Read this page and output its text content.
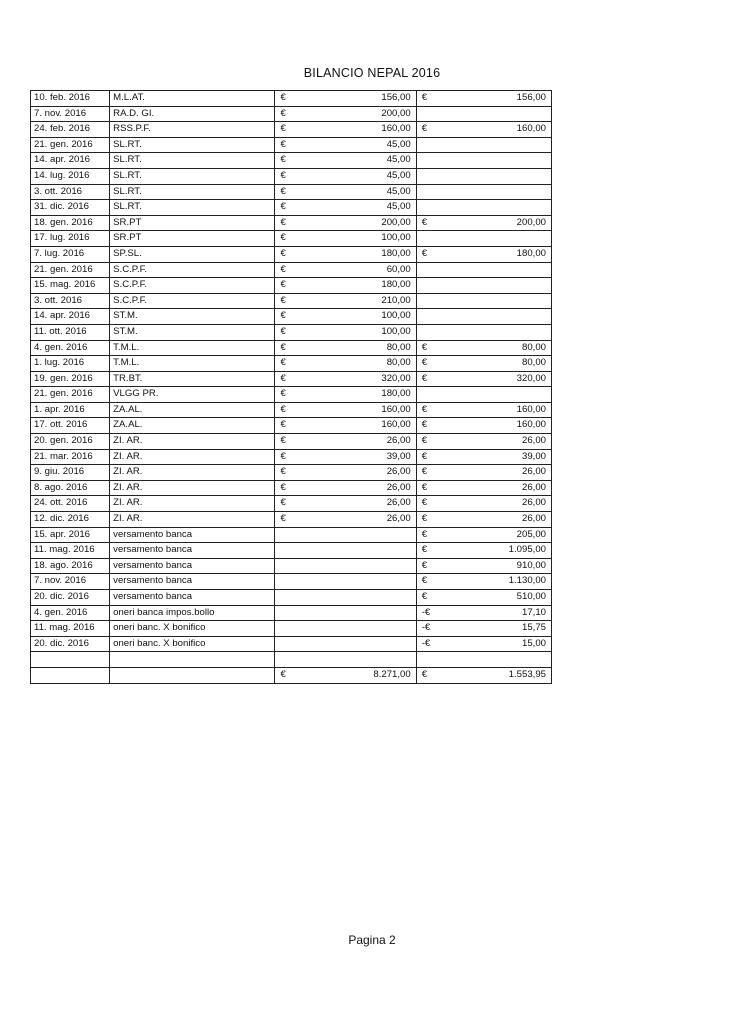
BILANCIO NEPAL 2016
10. feb. 2016	M.L.AT.	€ 156,00	€ 156,00

7. nov. 2016	RA.D. GI.	€ 200,00	

24. feb. 2016	RSS.P.F.	€ 160,00	€ 160,00

21. gen. 2016	SL.RT.	€ 45,00	

14. apr. 2016	SL.RT.	€ 45,00	

14. lug. 2016	SL.RT.	€ 45,00	

3. ott. 2016	SL.RT.	€ 45,00	

31. dic. 2016	SL.RT.	€ 45,00	

18. gen. 2016	SR.PT	€ 200,00	€ 200,00

17. lug. 2016	SR.PT	€ 100,00	

7. lug. 2016	SP.SL.	€ 180,00	€ 180,00

21. gen. 2016	S.C.P.F.	€ 60,00	

15. mag. 2016	S.C.P.F.	€ 180,00	

3. ott. 2016	S.C.P.F.	€ 210,00	

14. apr. 2016	ST.M.	€ 100,00	

11. ott. 2016	ST.M.	€ 100,00	

4. gen. 2016	T.M.L.	€ 80,00	€ 80,00

1. lug. 2016	T.M.L.	€ 80,00	€ 80,00

19. gen. 2016	TR.BT.	€ 320,00	€ 320,00

21. gen. 2016	VLGG PR.	€ 180,00	

1. apr. 2016	ZA.AL.	€ 160,00	€ 160,00

17. ott. 2016	ZA.AL.	€ 160,00	€ 160,00

20. gen. 2016	ZI. AR.	€ 26,00	€ 26,00

21. mar. 2016	ZI. AR.	€ 39,00	€ 39,00

9. giu. 2016	ZI. AR.	€ 26,00	€ 26,00

8. ago. 2016	ZI. AR.	€ 26,00	€ 26,00

24. ott. 2016	ZI. AR.	€ 26,00	€ 26,00

12. dic. 2016	ZI. AR.	€ 26,00	€ 26,00

15. apr. 2016	versamento banca		€ 205,00

11. mag. 2016	versamento banca		€ 1.095,00

18. ago. 2016	versamento banca		€ 910,00

7. nov. 2016	versamento banca		€ 1.130,00

20. dic. 2016	versamento banca		€ 510,00

4. gen. 2016	oneri banca impos.bollo		-€ 17,10

11. mag. 2016	oneri banc. X bonifico		-€ 15,75

20. dic. 2016	oneri banc. X bonifico		-€ 15,00

		€ 8.271,00	€ 1.553,95
Pagina 2
